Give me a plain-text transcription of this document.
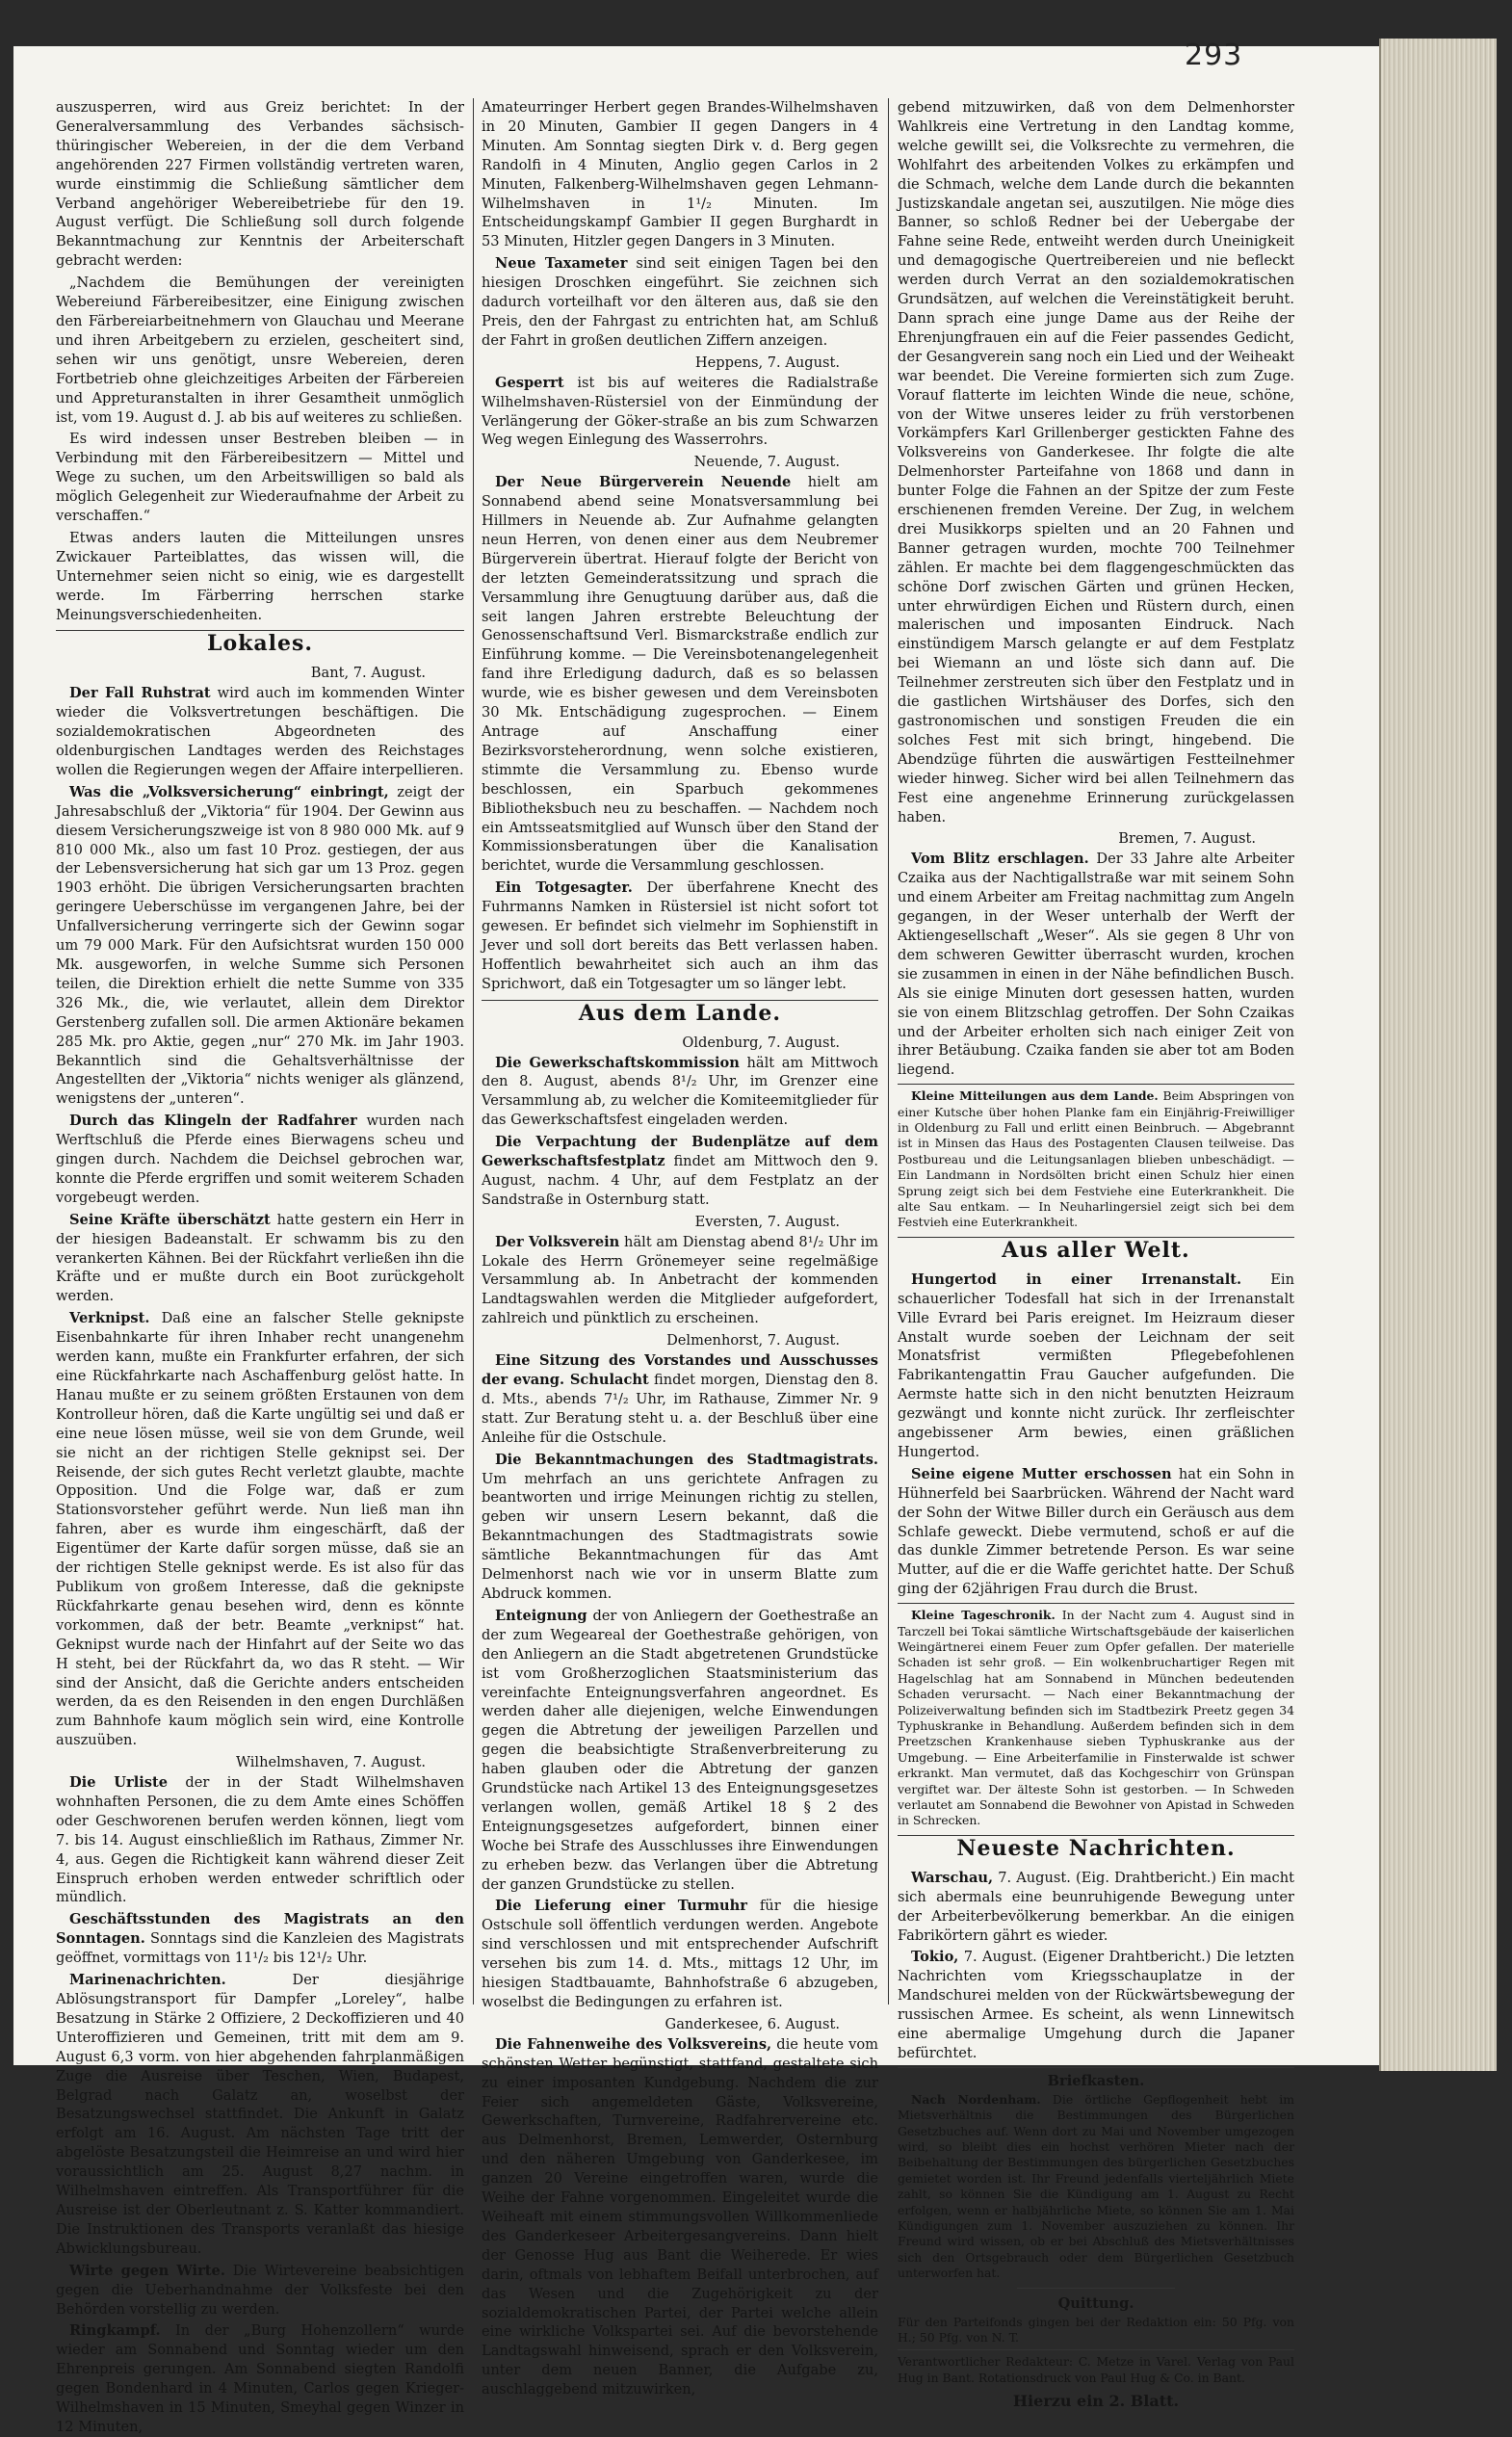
293

auszusperren, wird aus Greiz berichtet: In der Generalversammlung des Verbandes sächsisch-thüringischer Webereien, in der die dem Verband angehörenden 227 Firmen vollständig vertreten waren, wurde einstimmig die Schließung sämtlicher dem Verband angehöriger Webereibetriebe für den 19. August verfügt. Die Schließung soll durch folgende Bekanntmachung zur Kenntnis der Arbeiterschaft gebracht werden:

„Nachdem die Bemühungen der vereinigten Webereiund Färbereibesitzer, eine Einigung zwischen den Färbereiarbeitnehmern von Glauchau und Meerane und ihren Arbeitgebern zu erzielen, gescheitert sind, sehen wir uns genötigt, unsre Webereien, deren Fortbetrieb ohne gleichzeitiges Arbeiten der Färbereien und Appreturanstalten in ihrer Gesamtheit unmöglich ist, vom 19. August d. J. ab bis auf weiteres zu schließen.

Es wird indessen unser Bestreben bleiben — in Verbindung mit den Färbereibesitzern — Mittel und Wege zu suchen, um den Arbeitswilligen so bald als möglich Gelegenheit zur Wiederaufnahme der Arbeit zu verschaffen.“

Etwas anders lauten die Mitteilungen unsres Zwickauer Parteiblattes, das wissen will, die Unternehmer seien nicht so einig, wie es dargestellt werde. Im Färberring herrschen starke Meinungsverschiedenheiten.

Lokales.
Bant, 7. August.

Der Fall Ruhstrat wird auch im kommenden Winter wieder die Volksvertretungen beschäftigen. Die sozialdemokratischen Abgeordneten des oldenburgischen Landtages werden des Reichstages wollen die Regierungen wegen der Affaire interpellieren.

Was die „Volksversicherung“ einbringt, zeigt der Jahresabschluß der „Viktoria“ für 1904. Der Gewinn aus diesem Versicherungszweige ist von 8 980 000 Mk. auf 9 810 000 Mk., also um fast 10 Proz. gestiegen, der aus der Lebensversicherung hat sich gar um 13 Proz. gegen 1903 erhöht. Die übrigen Versicherungsarten brachten geringere Ueberschüsse im vergangenen Jahre, bei der Unfallversicherung verringerte sich der Gewinn sogar um 79 000 Mark. Für den Aufsichtsrat wurden 150 000 Mk. ausgeworfen, in welche Summe sich Personen teilen, die Direktion erhielt die nette Summe von 335 326 Mk., die, wie verlautet, allein dem Direktor Gerstenberg zufallen soll. Die armen Aktionäre bekamen 285 Mk. pro Aktie, gegen „nur“ 270 Mk. im Jahr 1903. Bekanntlich sind die Gehaltsverhältnisse der Angestellten der „Viktoria“ nichts weniger als glänzend, wenigstens der „unteren“.

Durch das Klingeln der Radfahrer wurden nach Werftschluß die Pferde eines Bierwagens scheu und gingen durch. Nachdem die Deichsel gebrochen war, konnte die Pferde ergriffen und somit weiterem Schaden vorgebeugt werden.

Seine Kräfte überschätzt hatte gestern ein Herr in der hiesigen Badeanstalt. Er schwamm bis zu den verankerten Kähnen. Bei der Rückfahrt verließen ihn die Kräfte und er mußte durch ein Boot zurückgeholt werden.

Verknipst. Daß eine an falscher Stelle geknipste Eisenbahnkarte für ihren Inhaber recht unangenehm werden kann, mußte ein Frankfurter erfahren, der sich eine Rückfahrkarte nach Aschaffenburg gelöst hatte. In Hanau mußte er zu seinem größten Erstaunen von dem Kontrolleur hören, daß die Karte ungültig sei und daß er eine neue lösen müsse, weil sie von dem Grunde, weil sie nicht an der richtigen Stelle geknipst sei. Der Reisende, der sich gutes Recht verletzt glaubte, machte Opposition. Und die Folge war, daß er zum Stationsvorsteher geführt werde. Nun ließ man ihn fahren, aber es wurde ihm eingeschärft, daß der Eigentümer der Karte dafür sorgen müsse, daß sie an der richtigen Stelle geknipst werde. Es ist also für das Publikum von großem Interesse, daß die geknipste Rückfahrkarte genau besehen wird, denn es könnte vorkommen, daß der betr. Beamte „verknipst“ hat. Geknipst wurde nach der Hinfahrt auf der Seite wo das H steht, bei der Rückfahrt da, wo das R steht. — Wir sind der Ansicht, daß die Gerichte anders entscheiden werden, da es den Reisenden in den engen Durchläßen zum Bahnhofe kaum möglich sein wird, eine Kontrolle auszuüben.

Wilhelmshaven, 7. August.

Die Urliste der in der Stadt Wilhelmshaven wohnhaften Personen, die zu dem Amte eines Schöffen oder Geschworenen berufen werden können, liegt vom 7. bis 14. August einschließlich im Rathaus, Zimmer Nr. 4, aus. Gegen die Richtigkeit kann während dieser Zeit Einspruch erhoben werden entweder schriftlich oder mündlich.

Geschäftsstunden des Magistrats an den Sonntagen. Sonntags sind die Kanzleien des Magistrats geöffnet, vormittags von 11¹/₂ bis 12¹/₂ Uhr.

Marinenachrichten.	Der diesjährige Ablösungstransport für Dampfer „Loreley“, halbe Besatzung in Stärke 2 Offiziere, 2 Deckoffizieren und 40 Unteroffizieren und Gemeinen, tritt mit dem am 9. August 6,3 vorm. von hier abgehenden fahrplanmäßigen Zuge die Ausreise über Teschen, Wien, Budapest, Belgrad nach Galatz an, woselbst der Besatzungswechsel stattfindet. Die Ankunft in Galatz erfolgt am 16. August. Am nächsten Tage tritt der abgelöste Besatzungsteil die Heimreise an und wird hier voraussichtlich am 25. August 8,27 nachm. in Wilhelmshaven eintreffen. Als Transportführer für die Ausreise ist der Oberleutnant z. S. Katter kommandiert. Die Instruktionen des Transports veranlaßt das hiesige Abwicklungsbureau.

Wirte gegen Wirte. Die Wirtevereine beabsichtigen gegen die Ueberhandnahme der Volksfeste bei den Behörden vorstellig zu werden.

Ringkampf. In der „Burg Hohenzollern“ wurde wieder am Sonnabend und Sonntag wieder um den Ehrenpreis gerungen. Am Sonnabend siegten Randolfi gegen Bondenhard in 4 Minuten, Carlos gegen Krieger-Wilhelmshaven in 15 Minuten, Smeyhal gegen Winzer in 12 Minuten,

Amateurringer Herbert gegen Brandes-Wilhelmshaven in 20 Minuten, Gambier II gegen Dangers in 4 Minuten. Am Sonntag siegten Dirk v. d. Berg gegen Randolfi in 4 Minuten, Anglio gegen Carlos in 2 Minuten, Falkenberg-Wilhelmshaven gegen Lehmann-Wilhelmshaven in 1¹/₂ Minuten. Im Entscheidungskampf Gambier II gegen Burghardt in 53 Minuten, Hitzler gegen Dangers in 3 Minuten.

Neue Taxameter sind seit einigen Tagen bei den hiesigen Droschken eingeführt. Sie zeichnen sich dadurch vorteilhaft vor den älteren aus, daß sie den Preis, den der Fahrgast zu entrichten hat, am Schluß der Fahrt in großen deutlichen Ziffern anzeigen.

Heppens, 7. August.

Gesperrt ist bis auf weiteres die Radialstraße Wilhelmshaven-Rüstersiel von der Einmündung der Verlängerung der Göker-straße an bis zum Schwarzen Weg wegen Einlegung des Wasserrohrs.

Neuende, 7. August.

Der Neue Bürgerverein Neuende hielt am Sonnabend abend seine Monatsversammlung bei Hillmers in Neuende ab. Zur Aufnahme gelangten neun Herren, von denen einer aus dem Neubremer Bürgerverein übertrat. Hierauf folgte der Bericht von der letzten Gemeinderatssitzung und sprach die Versammlung ihre Genugtuung darüber aus, daß die seit langen Jahren erstrebte Beleuchtung der Genossenschaftsund Verl. Bismarckstraße endlich zur Einführung komme. — Die Vereinsbotenangelegenheit fand ihre Erledigung dadurch, daß es so belassen wurde, wie es bisher gewesen und dem Vereinsboten 30 Mk. Entschädigung zugesprochen. — Einem Antrage auf Anschaffung einer Bezirksvorsteherordnung, wenn solche existieren, stimmte die Versammlung zu. Ebenso wurde beschlossen, ein Sparbuch gekommenes Bibliotheksbuch neu zu beschaffen. — Nachdem noch ein Amtsseatsmitglied auf Wunsch über den Stand der Kommissionsberatungen über die Kanalisation berichtet, wurde die Versammlung geschlossen.

Ein Totgesagter. Der überfahrene Knecht des Fuhrmanns Namken in Rüstersiel ist nicht sofort tot gewesen. Er befindet sich vielmehr im Sophienstift in Jever und soll dort bereits das Bett verlassen haben. Hoffentlich bewahrheitet sich auch an ihm das Sprichwort, daß ein Totgesagter um so länger lebt.

Aus dem Lande.
Oldenburg, 7. August.

Die Gewerkschaftskommission hält am Mittwoch den 8. August, abends 8¹/₂ Uhr, im Grenzer eine Versammlung ab, zu welcher die Komiteemitglieder für das Gewerkschaftsfest eingeladen werden.

Die Verpachtung der Budenplätze auf dem Gewerkschaftsfestplatz findet am Mittwoch den 9. August, nachm. 4 Uhr, auf dem Festplatz an der Sandstraße in Osternburg statt.

Eversten, 7. August.

Der Volksverein hält am Dienstag abend 8¹/₂ Uhr im Lokale des Herrn Grönemeyer seine regelmäßige Versammlung ab. In Anbetracht der kommenden Landtagswahlen werden die Mitglieder aufgefordert, zahlreich und pünktlich zu erscheinen.

Delmenhorst, 7. August.

Eine Sitzung des Vorstandes und Ausschusses der evang. Schulacht findet morgen, Dienstag den 8. d. Mts., abends 7¹/₂ Uhr, im Rathause, Zimmer Nr. 9 statt. Zur Beratung steht u. a. der Beschluß über eine Anleihe für die Ostschule.

Die Bekanntmachungen des Stadtmagistrats. Um mehrfach an uns gerichtete Anfragen zu beantworten und irrige Meinungen richtig zu stellen, geben wir unsern Lesern bekannt, daß die Bekanntmachungen des Stadtmagistrats sowie sämtliche Bekanntmachungen für das Amt Delmenhorst nach wie vor in unserm Blatte zum Abdruck kommen.

Enteignung der von Anliegern der Goethestraße an der zum Wegeareal der Goethestraße gehörigen, von den Anliegern an die Stadt abgetretenen Grundstücke ist vom Großherzoglichen Staatsministerium das vereinfachte Enteignungsverfahren angeordnet. Es werden daher alle diejenigen, welche Einwendungen gegen die Abtretung der jeweiligen Parzellen und gegen die beabsichtigte Straßenverbreiterung zu haben glauben oder die Abtretung der ganzen Grundstücke nach Artikel 13 des Enteignungsgesetzes verlangen wollen, gemäß Artikel 18 § 2 des Enteignungsgesetzes aufgefordert, binnen einer Woche bei Strafe des Ausschlusses ihre Einwendungen zu erheben bezw. das Verlangen über die Abtretung der ganzen Grundstücke zu stellen.

Die Lieferung einer Turmuhr für die hiesige Ostschule soll öffentlich verdungen werden. Angebote sind verschlossen und mit entsprechender Aufschrift versehen bis zum 14. d. Mts., mittags 12 Uhr, im hiesigen Stadtbauamte, Bahnhofstraße 6 abzugeben, woselbst die Bedingungen zu erfahren ist.

Ganderkesee, 6. August.

Die Fahnenweihe des Volksvereins, die heute vom schönsten Wetter begünstigt, stattfand, gestaltete sich zu einer imposanten Kundgebung. Nachdem die zur Feier sich angemeldeten Gäste, Volksvereine, Gewerkschaften, Turnvereine, Radfahrervereine etc. aus Delmenhorst, Bremen, Lemwerder, Osternburg und den näheren Umgebung von Ganderkesee, im ganzen 20 Vereine eingetroffen waren, wurde die Weihe der Fahne vorgenommen. Eingeleitet wurde die Weiheaft mit einem stimmungsvollen Willkommenliede des Ganderkeseer Arbeitergesangvereins. Dann hielt der Genosse Hug aus Bant die Weiherede. Er wies darin, oftmals von lebhaftem Beifall unterbrochen, auf das Wesen und die Zugehörigkeit zu der sozialdemokratischen Partei, der Partei welche allein eine wirkliche Volkspartei sei. Auf die bevorstehende Landtagswahl hinweisend, sprach er den Volksverein, unter dem neuen Banner, die Aufgabe zu, auschlaggebend mitzuwirken,

gebend mitzuwirken, daß von dem Delmenhorster Wahlkreis eine Vertretung in den Landtag komme, welche gewillt sei, die Volksrechte zu vermehren, die Wohlfahrt des arbeitenden Volkes zu erkämpfen und die Schmach, welche dem Lande durch die bekannten Justizskandale angetan sei, auszutilgen. Nie möge dies Banner, so schloß Redner bei der Uebergabe der Fahne seine Rede, entweiht werden durch Uneinigkeit und demagogische Quertreibereien und nie befleckt werden durch Verrat an den sozialdemokratischen Grundsätzen, auf welchen die Vereinstätigkeit beruht. Dann sprach eine junge Dame aus der Reihe der Ehrenjungfrauen ein auf die Feier passendes Gedicht, der Gesangverein sang noch ein Lied und der Weiheakt war beendet. Die Vereine formierten sich zum Zuge. Vorauf flatterte im leichten Winde die neue, schöne, von der Witwe unseres leider zu früh verstorbenen Vorkämpfers Karl Grillenberger gestickten Fahne des Volksvereins von Ganderkesee. Ihr folgte die alte Delmenhorster Parteifahne von 1868 und dann in bunter Folge die Fahnen an der Spitze der zum Feste erschienenen fremden Vereine. Der Zug, in welchem drei Musikkorps spielten und an 20 Fahnen und Banner getragen wurden, mochte 700 Teilnehmer zählen. Er machte bei dem flaggengeschmückten das schöne Dorf zwischen Gärten und grünen Hecken, unter ehrwürdigen Eichen und Rüstern durch, einen malerischen und imposanten Eindruck. Nach einstündigem Marsch gelangte er auf dem Festplatz bei Wiemann an und löste sich dann auf. Die Teilnehmer zerstreuten sich über den Festplatz und in die gastlichen Wirtshäuser des Dorfes, sich den gastronomischen und sonstigen Freuden die ein solches Fest mit sich bringt, hingebend. Die Abendzüge führten die auswärtigen Festteilnehmer wieder hinweg. Sicher wird bei allen Teilnehmern das Fest eine angenehme Erinnerung zurückgelassen haben.

Bremen, 7. August.

Vom Blitz erschlagen. Der 33 Jahre alte Arbeiter Czaika aus der Nachtigallstraße war mit seinem Sohn und einem Arbeiter am Freitag nachmittag zum Angeln gegangen, in der Weser unterhalb der Werft der Aktiengesellschaft „Weser“. Als sie gegen 8 Uhr von dem schweren Gewitter überrascht wurden, krochen sie zusammen in einen in der Nähe befindlichen Busch. Als sie einige Minuten dort gesessen hatten, wurden sie von einem Blitzschlag getroffen. Der Sohn Czaikas und der Arbeiter erholten sich nach einiger Zeit von ihrer Betäubung. Czaika fanden sie aber tot am Boden liegend.

Kleine Mitteilungen aus dem Lande. Beim Abspringen von einer Kutsche über hohen Planke fam ein Einjährig-Freiwilliger in Oldenburg zu Fall und erlitt einen Beinbruch. — Abgebrannt ist in Minsen das Haus des Postagenten Clausen teilweise. Das Postbureau und die Leitungsanlagen blieben unbeschädigt. — Ein Landmann in Nordsölten bricht einen Schulz hier einen Sprung zeigt sich bei dem Festviehe eine Euterkrankheit. Die alte Sau entkam. — In Neuharlingersiel zeigt sich bei dem Festvieh eine Euterkrankheit.

Aus aller Welt.

Hungertod in einer Irrenanstalt. Ein schauerlicher Todesfall hat sich in der Irrenanstalt Ville Evrard bei Paris ereignet. Im Heizraum dieser Anstalt wurde soeben der Leichnam der seit Monatsfrist vermißten Pflegebefohlenen Fabrikantengattin Frau Gaucher aufgefunden. Die Aermste hatte sich in den nicht benutzten Heizraum gezwängt und konnte nicht zurück. Ihr zerfleischter angebissener Arm bewies, einen gräßlichen Hungertod.

Seine eigene Mutter erschossen hat ein Sohn in Hühnerfeld bei Saarbrücken. Während der Nacht ward der Sohn der Witwe Biller durch ein Geräusch aus dem Schlafe geweckt. Diebe vermutend, schoß er auf die das dunkle Zimmer betretende Person. Es war seine Mutter, auf die er die Waffe gerichtet hatte. Der Schuß ging der 62jährigen Frau durch die Brust.

Kleine Tageschronik. In der Nacht zum 4. August sind in Tarczell bei Tokai sämtliche Wirtschaftsgebäude der kaiserlichen Weingärtnerei einem Feuer zum Opfer gefallen. Der materielle Schaden ist sehr groß. — Ein wolkenbruchartiger Regen mit Hagelschlag hat am Sonnabend in München bedeutenden Schaden verursacht. — Nach einer Bekanntmachung der Polizeiverwaltung befinden sich im Stadtbezirk Preetz gegen 34 Typhuskranke in Behandlung. Außerdem befinden sich in dem Preetzschen Krankenhause sieben Typhuskranke aus der Umgebung. — Eine Arbeiterfamilie in Finsterwalde ist schwer erkrankt. Man vermutet, daß das Kochgeschirr von Grünspan vergiftet war. Der älteste Sohn ist gestorben. — In Schweden verlautet am Sonnabend die Bewohner von Apistad in Schweden in Schrecken.

Neueste Nachrichten.

Warschau, 7. August. (Eig. Drahtbericht.) Ein macht sich abermals eine beunruhigende Bewegung unter der Arbeiterbevölkerung bemerkbar. An die einigen Fabrikörtern gährt es wieder.

Tokio, 7. August. (Eigener Drahtbericht.) Die letzten Nachrichten vom Kriegsschauplatze in der Mandschurei melden von der Rückwärtsbewegung der russischen Armee. Es scheint, als wenn Linnewitsch eine abermalige Umgehung durch die Japaner befürchtet.

Briefkasten.

Nach Nordenham. Die örtliche Gepflogenheit hebt im Mietsverhältnis die Bestimmungen des Bürgerlichen Gesetzbuches auf. Wenn dort zu Mai und November umgezogen wird, so bleibt dies ein hochst verhören Mieter nach der Beibehaltung der Bestimmungen des bürgerlichen Gesetzbuches gemietet worden ist. Ihr Freund jedenfalls vierteljährlich Miete zahlt, so können Sie die Kündigung am 1. August zu Recht erfolgen, wenn er halbjährliche Miete, so können Sie am 1. Mai Kündigungen zum 1. November auszuziehen zu können. Ihr Freund wird wissen, ob er bei Abschluß des Mietsverhältnisses sich den Ortsgebrauch oder dem Bürgerlichen Gesetzbuch unterworfen hat.

Quittung.

Für den Parteifonds gingen bei der Redaktion ein: 50 Pfg. von H.; 50 Pfg. von N. T.

Verantwortlicher Redakteur: C. Metze in Varel. Verlag von Paul Hug in Bant. Rotationsdruck von Paul Hug & Co. in Bant.

Hierzu ein 2. Blatt.
